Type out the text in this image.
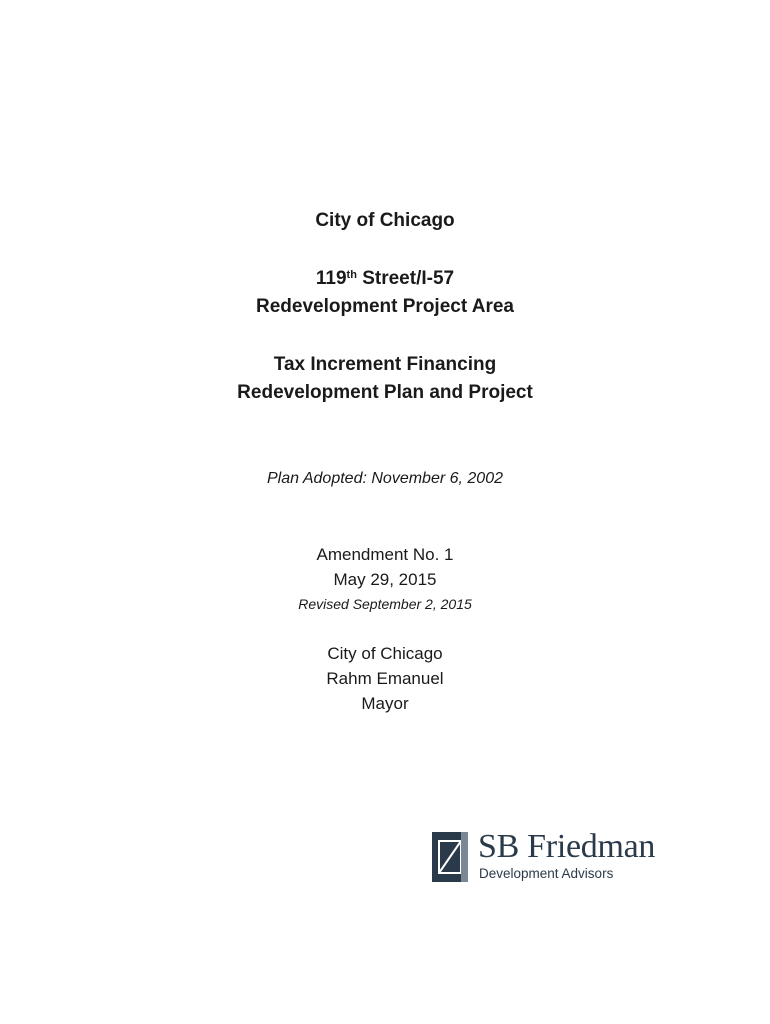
City of Chicago
119th Street/I-57
Redevelopment Project Area
Tax Increment Financing
Redevelopment Plan and Project
Plan Adopted: November 6, 2002
Amendment No. 1
May 29, 2015
Revised September 2, 2015
City of Chicago
Rahm Emanuel
Mayor
SB Friedman
Development Advisors
